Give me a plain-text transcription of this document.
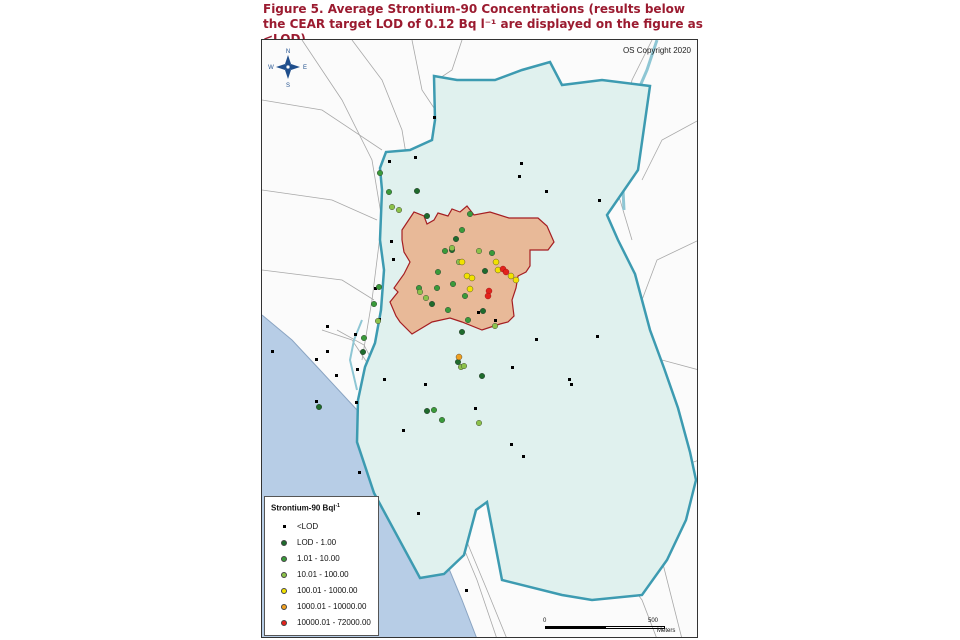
Figure 5. Average Strontium-90 Concentrations (results below the CEAR target LOD of 0.12 Bq l⁻¹ are displayed on the figure as

N
S
E
W
OS Copyright 2020
Strontium-90 Bql$^{-1}$
<LOD
LOD - 1.00
1.01 - 10.00
10.01 - 100.00
100.01 - 1000.00
1000.01 - 10000.00
10000.01 - 72000.00	0	500
Meters
